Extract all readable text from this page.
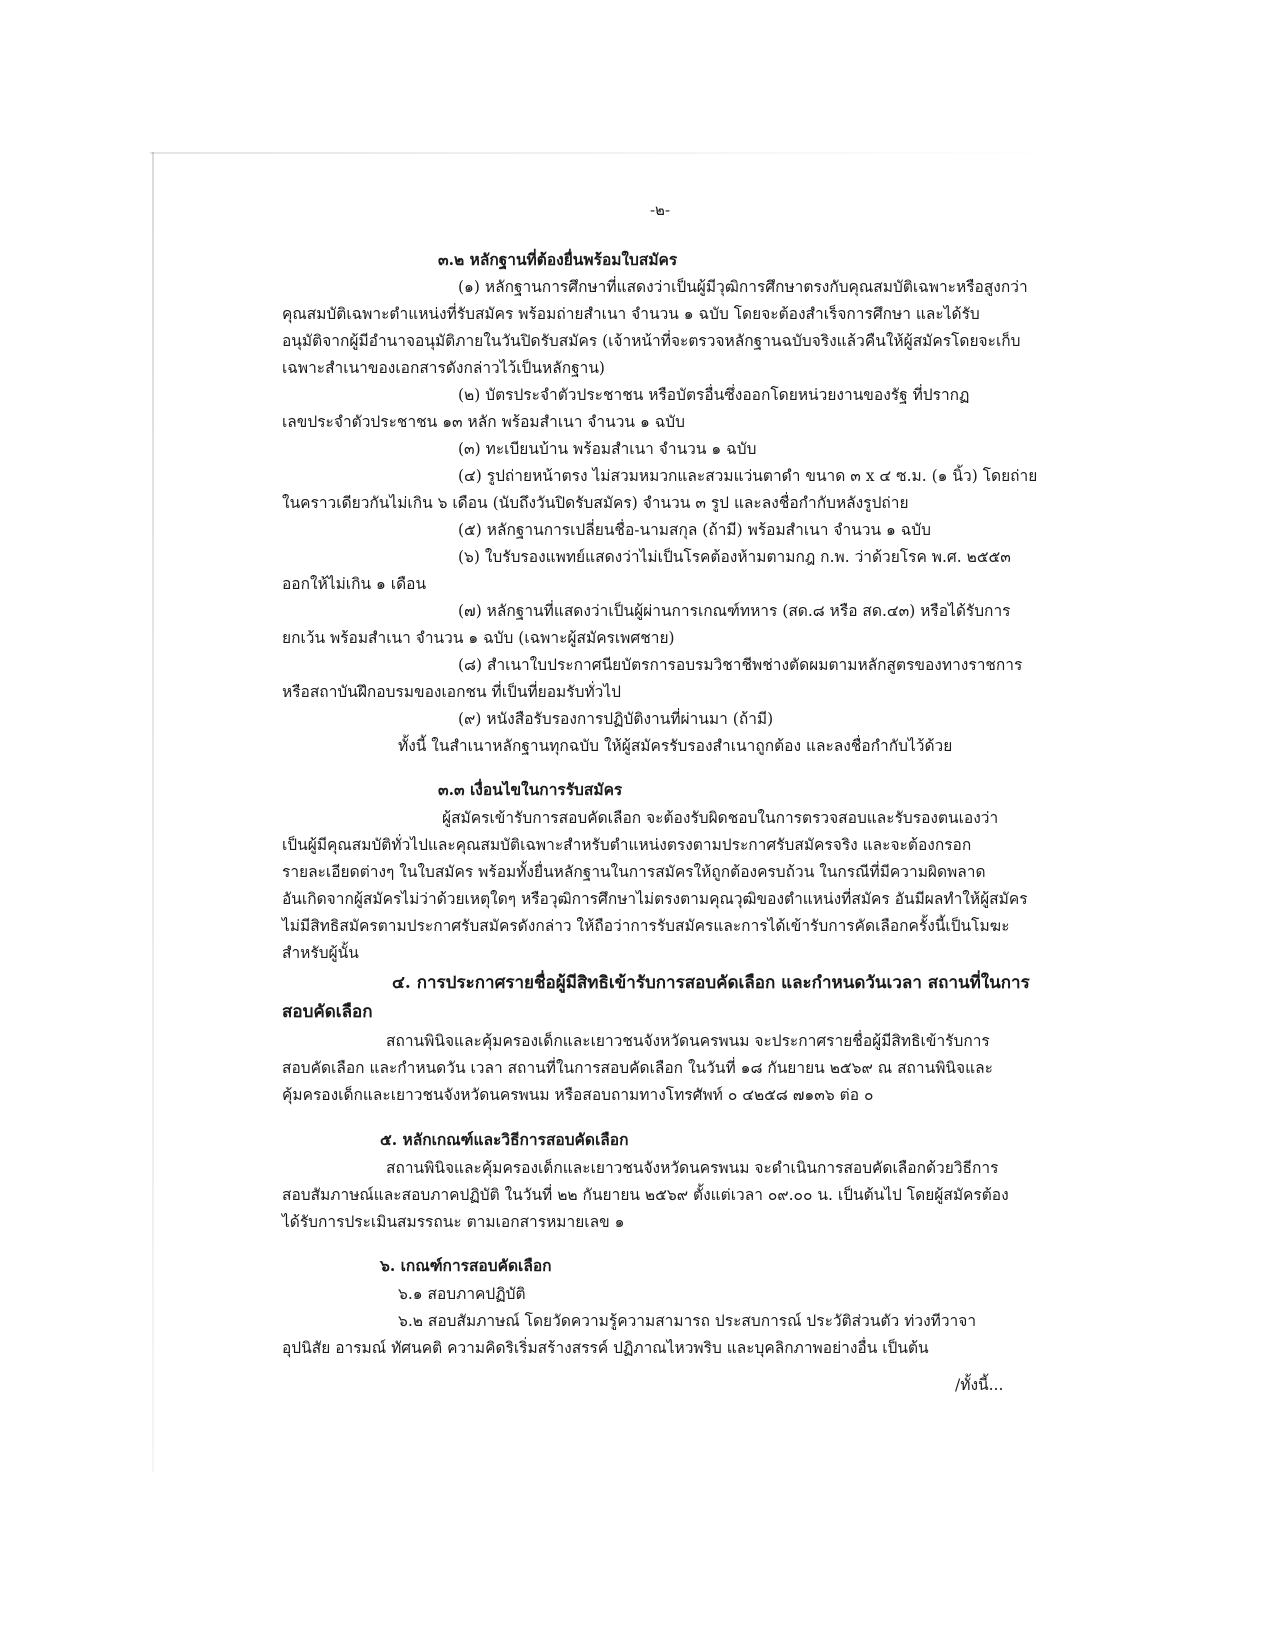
-๒-
๓.๒ หลักฐานที่ต้องยื่นพร้อมใบสมัคร
(๑) หลักฐานการศึกษาที่แสดงว่าเป็นผู้มีวุฒิการศึกษาตรงกับคุณสมบัติเฉพาะหรือสูงกว่า
คุณสมบัติเฉพาะตำแหน่งที่รับสมัคร พร้อมถ่ายสำเนา จำนวน ๑ ฉบับ โดยจะต้องสำเร็จการศึกษา และได้รับ
อนุมัติจากผู้มีอำนาจอนุมัติภายในวันปิดรับสมัคร (เจ้าหน้าที่จะตรวจหลักฐานฉบับจริงแล้วคืนให้ผู้สมัครโดยจะเก็บ
เฉพาะสำเนาของเอกสารดังกล่าวไว้เป็นหลักฐาน)
(๒) บัตรประจำตัวประชาชน หรือบัตรอื่นซึ่งออกโดยหน่วยงานของรัฐ ที่ปรากฏ
เลขประจำตัวประชาชน ๑๓ หลัก พร้อมสำเนา จำนวน ๑ ฉบับ
(๓) ทะเบียนบ้าน พร้อมสำเนา จำนวน ๑ ฉบับ
(๔) รูปถ่ายหน้าตรง ไม่สวมหมวกและสวมแว่นตาดำ ขนาด ๓ x ๔ ซ.ม. (๑ นิ้ว) โดยถ่าย
ในคราวเดียวกันไม่เกิน ๖ เดือน (นับถึงวันปิดรับสมัคร) จำนวน ๓ รูป และลงชื่อกำกับหลังรูปถ่าย
(๕) หลักฐานการเปลี่ยนชื่อ-นามสกุล (ถ้ามี) พร้อมสำเนา จำนวน ๑ ฉบับ
(๖) ใบรับรองแพทย์แสดงว่าไม่เป็นโรคต้องห้ามตามกฎ ก.พ. ว่าด้วยโรค พ.ศ. ๒๕๕๓
ออกให้ไม่เกิน ๑ เดือน
(๗) หลักฐานที่แสดงว่าเป็นผู้ผ่านการเกณฑ์ทหาร (สด.๘ หรือ สด.๔๓) หรือได้รับการ
ยกเว้น พร้อมสำเนา จำนวน ๑ ฉบับ (เฉพาะผู้สมัครเพศชาย)
(๘) สำเนาใบประกาศนียบัตรการอบรมวิชาชีพช่างตัดผมตามหลักสูตรของทางราชการ
หรือสถาบันฝึกอบรมของเอกชน ที่เป็นที่ยอมรับทั่วไป
(๙) หนังสือรับรองการปฏิบัติงานที่ผ่านมา (ถ้ามี)
ทั้งนี้ ในสำเนาหลักฐานทุกฉบับ ให้ผู้สมัครรับรองสำเนาถูกต้อง และลงชื่อกำกับไว้ด้วย
๓.๓ เงื่อนไขในการรับสมัคร
ผู้สมัครเข้ารับการสอบคัดเลือก จะต้องรับผิดชอบในการตรวจสอบและรับรองตนเองว่า
เป็นผู้มีคุณสมบัติทั่วไปและคุณสมบัติเฉพาะสำหรับตำแหน่งตรงตามประกาศรับสมัครจริง และจะต้องกรอก
รายละเอียดต่างๆ ในใบสมัคร พร้อมทั้งยื่นหลักฐานในการสมัครให้ถูกต้องครบถ้วน ในกรณีที่มีความผิดพลาด
อันเกิดจากผู้สมัครไม่ว่าด้วยเหตุใดๆ หรือวุฒิการศึกษาไม่ตรงตามคุณวุฒิของตำแหน่งที่สมัคร อันมีผลทำให้ผู้สมัคร
ไม่มีสิทธิสมัครตามประกาศรับสมัครดังกล่าว ให้ถือว่าการรับสมัครและการได้เข้ารับการคัดเลือกครั้งนี้เป็นโมฆะ
สำหรับผู้นั้น
๔. การประกาศรายชื่อผู้มีสิทธิเข้ารับการสอบคัดเลือก และกำหนดวันเวลา สถานที่ในการ
สอบคัดเลือก
สถานพินิจและคุ้มครองเด็กและเยาวชนจังหวัดนครพนม จะประกาศรายชื่อผู้มีสิทธิเข้ารับการ
สอบคัดเลือก และกำหนดวัน เวลา สถานที่ในการสอบคัดเลือก ในวันที่ ๑๘ กันยายน ๒๕๖๙ ณ สถานพินิจและ
คุ้มครองเด็กและเยาวชนจังหวัดนครพนม หรือสอบถามทางโทรศัพท์ ๐ ๔๒๕๘ ๗๑๓๖ ต่อ ๐
๕. หลักเกณฑ์และวิธีการสอบคัดเลือก
สถานพินิจและคุ้มครองเด็กและเยาวชนจังหวัดนครพนม จะดำเนินการสอบคัดเลือกด้วยวิธีการ
สอบสัมภาษณ์และสอบภาคปฏิบัติ ในวันที่ ๒๒ กันยายน ๒๕๖๙ ตั้งแต่เวลา ๐๙.๐๐ น. เป็นต้นไป โดยผู้สมัครต้อง
ได้รับการประเมินสมรรถนะ ตามเอกสารหมายเลข ๑
๖. เกณฑ์การสอบคัดเลือก
๖.๑ สอบภาคปฏิบัติ
๖.๒ สอบสัมภาษณ์ โดยวัดความรู้ความสามารถ ประสบการณ์ ประวัติส่วนตัว ท่วงทีวาจา
อุปนิสัย อารมณ์ ทัศนคติ ความคิดริเริ่มสร้างสรรค์ ปฏิภาณไหวพริบ และบุคลิกภาพอย่างอื่น เป็นต้น
/ทั้งนี้...
